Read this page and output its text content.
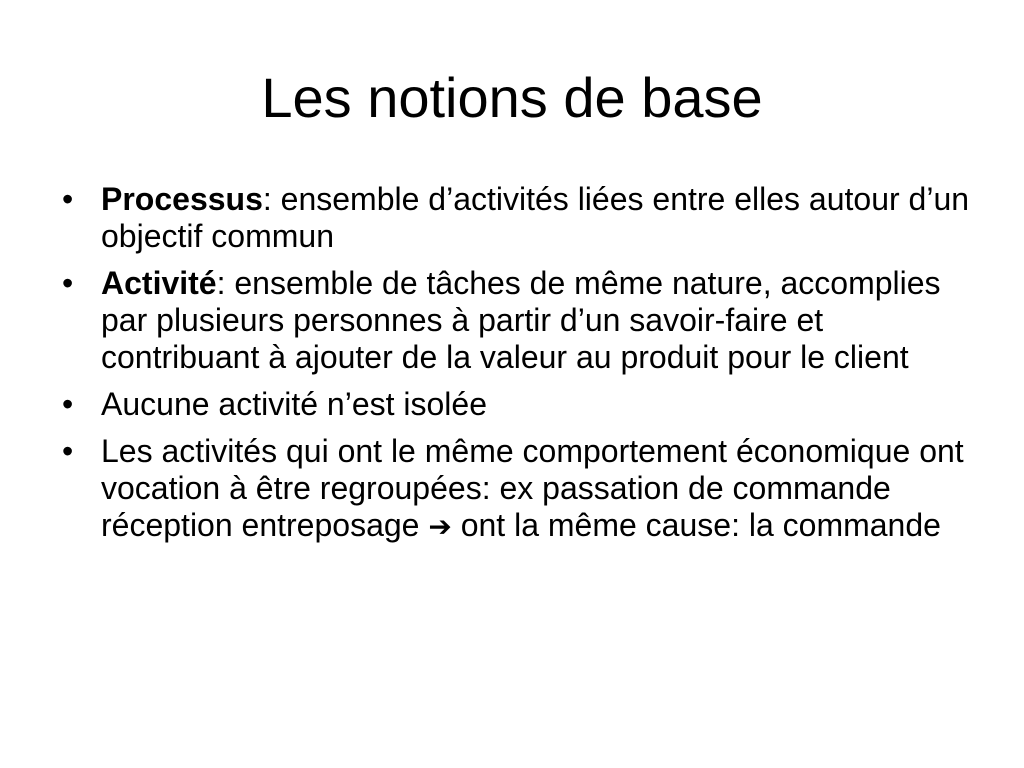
Les notions de base
• Processus: ensemble d’activités liées entre elles autour d’un objectif commun
• Activité: ensemble de tâches de même nature, accomplies par plusieurs personnes à partir d’un savoir-faire et contribuant à ajouter de la valeur au produit pour le client
• Aucune activité n’est isolée
• Les activités qui ont le même comportement économique ont vocation à être regroupées: ex passation de commande réception entreposage ➔ ont la même cause: la commande
